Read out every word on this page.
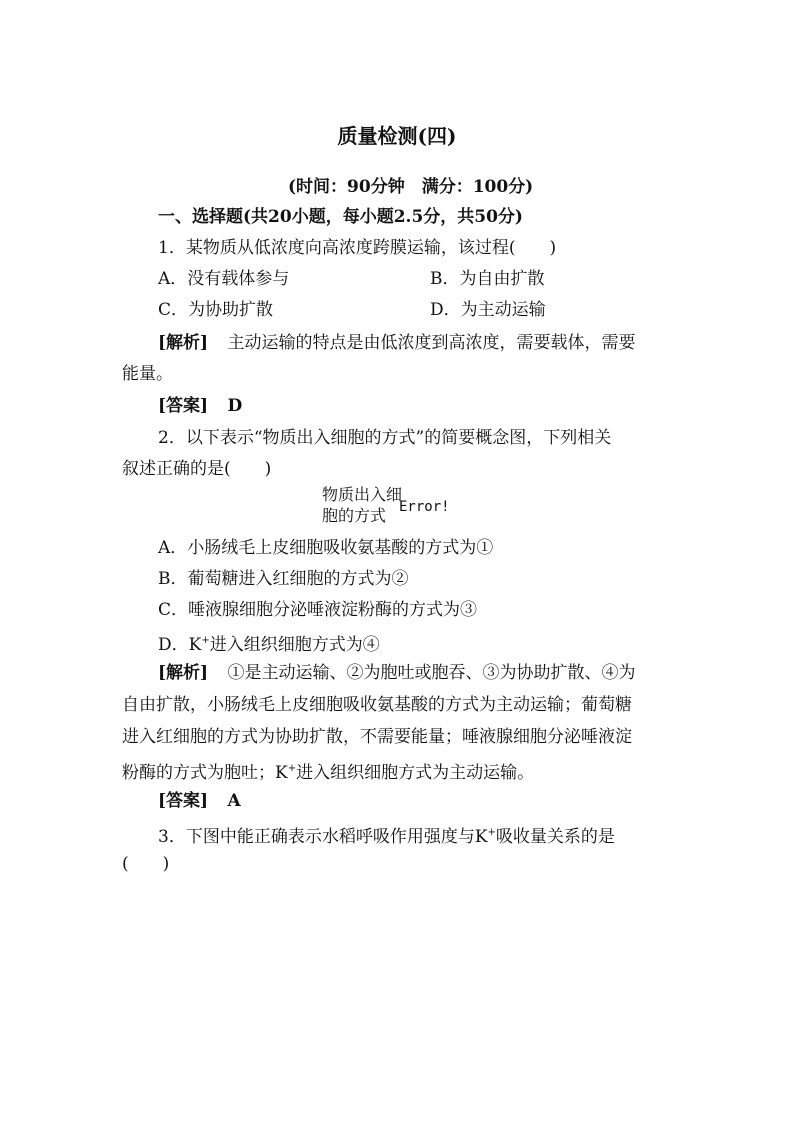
质量检测(四)
(时间：90分钟　满分：100分)
一、选择题(共20小题，每小题2.5分，共50分)
1．某物质从低浓度向高浓度跨膜运输，该过程(　　)
A．没有载体参与	B．为自由扩散
C．为协助扩散	D．为主动运输
[解析] 主动运输的特点是由低浓度到高浓度，需要载体，需要
能量。
[答案] D
2．以下表示“物质出入细胞的方式”的简要概念图，下列相关
叙述正确的是(　　)
物质出入细
胞的方式 Error!
A．小肠绒毛上皮细胞吸收氨基酸的方式为①
B．葡萄糖进入红细胞的方式为②
C．唾液腺细胞分泌唾液淀粉酶的方式为③
D．K+进入组织细胞方式为④
[解析] ①是主动运输、②为胞吐或胞吞、③为协助扩散、④为
自由扩散，小肠绒毛上皮细胞吸收氨基酸的方式为主动运输；葡萄糖
进入红细胞的方式为协助扩散，不需要能量；唾液腺细胞分泌唾液淀
粉酶的方式为胞吐；K+进入组织细胞方式为主动运输。
[答案] A
3．下图中能正确表示水稻呼吸作用强度与K+吸收量关系的是
(　　)
